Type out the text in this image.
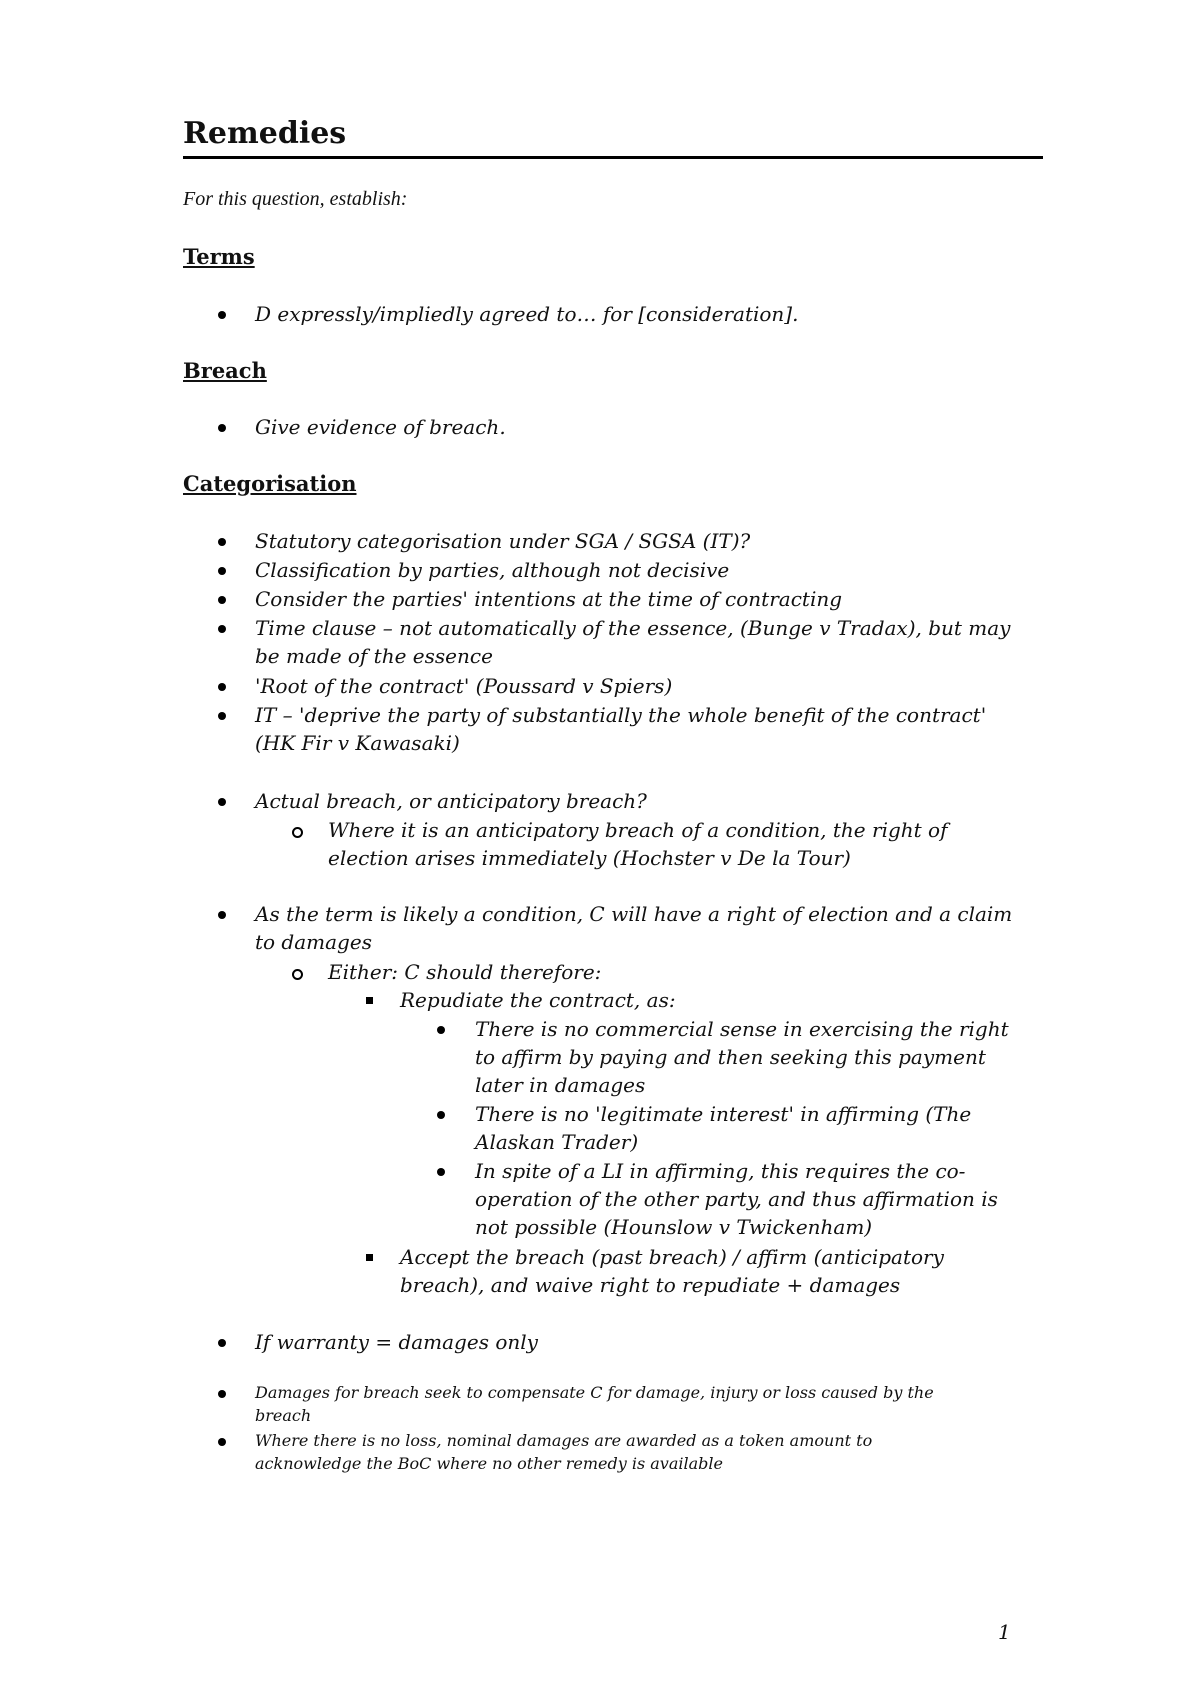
Remedies

For this question, establish:

Terms

D expressly/impliedly agreed to… for [consideration].

Breach

Give evidence of breach.

Categorisation

Statutory categorisation under SGA / SGSA (IT)?
Classification by parties, although not decisive
Consider the parties' intentions at the time of contracting
Time clause – not automatically of the essence, (Bunge v Tradax), but may be made of the essence
'Root of the contract' (Poussard v Spiers)
IT – 'deprive the party of substantially the whole benefit of the contract' (HK Fir v Kawasaki)
Actual breach, or anticipatory breach?
Where it is an anticipatory breach of a condition, the right of election arises immediately (Hochster v De la Tour)
As the term is likely a condition, C will have a right of election and a claim to damages
Either: C should therefore:
Repudiate the contract, as:
There is no commercial sense in exercising the right to affirm by paying and then seeking this payment later in damages
There is no 'legitimate interest' in affirming (The Alaskan Trader)
In spite of a LI in affirming, this requires the co-operation of the other party, and thus affirmation is not possible (Hounslow v Twickenham)
Accept the breach (past breach) / affirm (anticipatory breach), and waive right to repudiate + damages
If warranty = damages only
Damages for breach seek to compensate C for damage, injury or loss caused by the breach
Where there is no loss, nominal damages are awarded as a token amount to acknowledge the BoC where no other remedy is available
1
